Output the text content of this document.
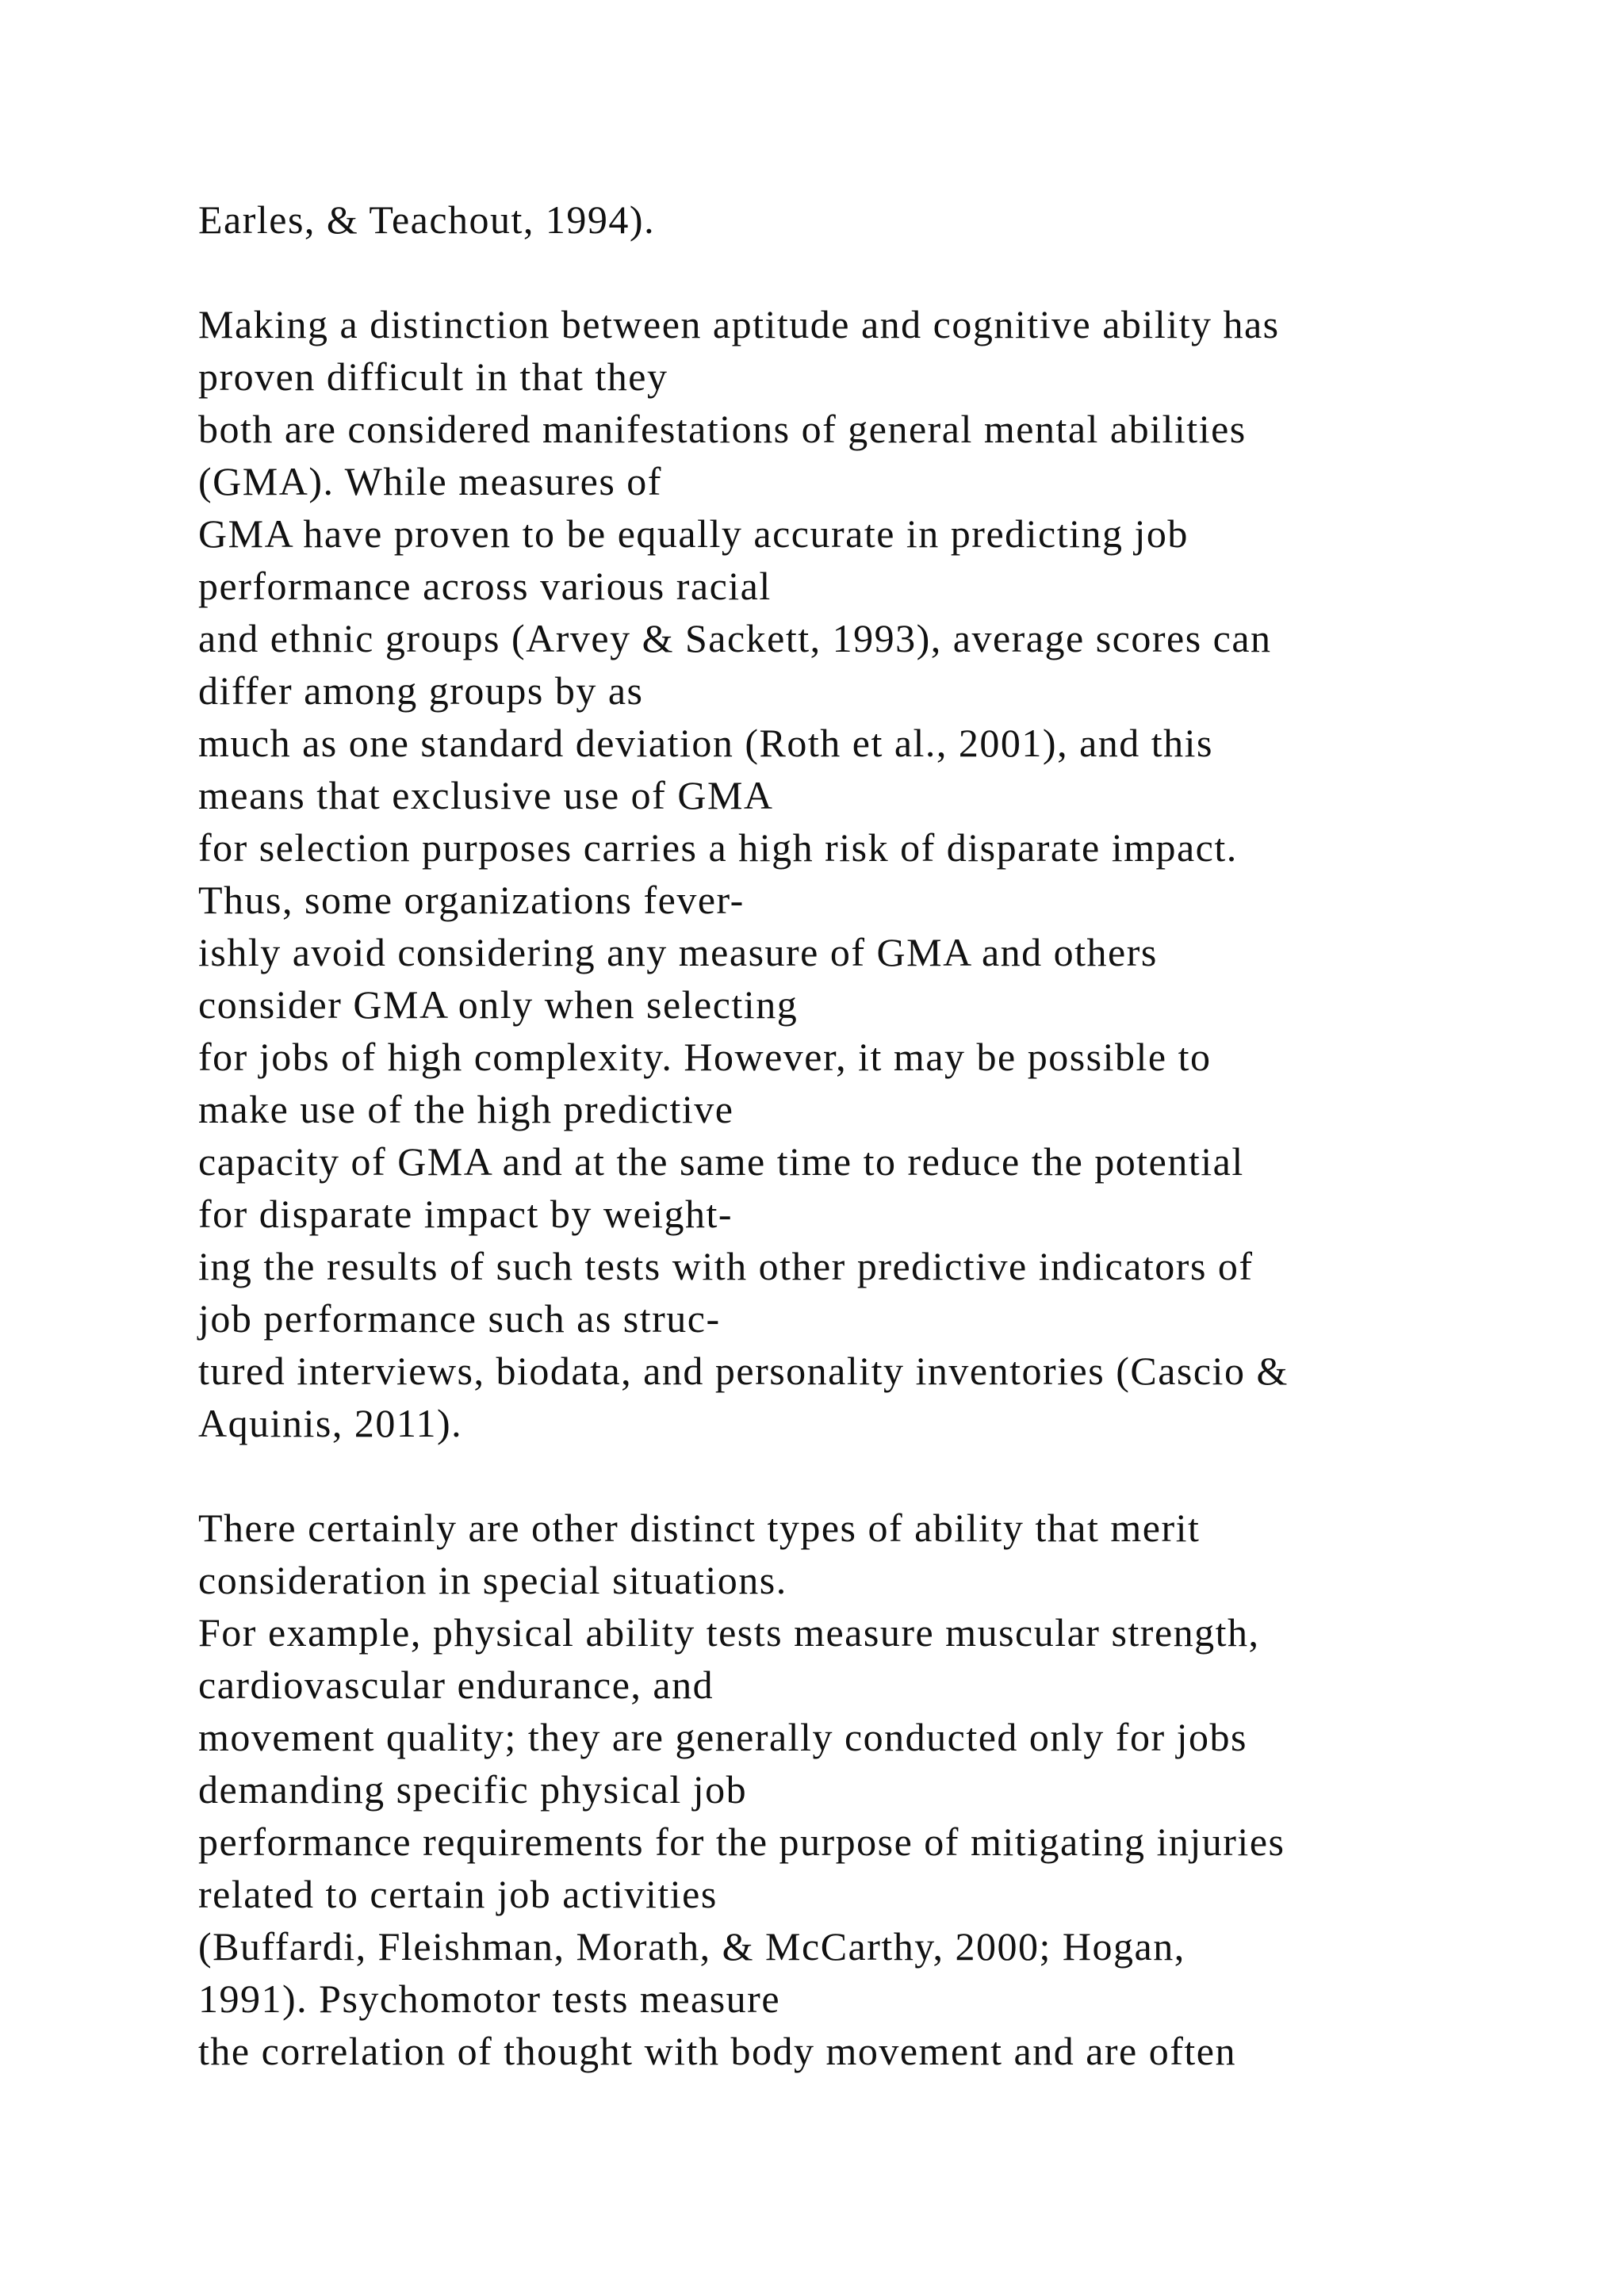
Earles, & Teachout, 1994).
Making a distinction between aptitude and cognitive ability has
proven difficult in that they
both are considered manifestations of general mental abilities
(GMA). While measures of
GMA have proven to be equally accurate in predicting job
performance across various racial
and ethnic groups (Arvey & Sackett, 1993), average scores can
differ among groups by as
much as one standard deviation (Roth et al., 2001), and this
means that exclusive use of GMA
for selection purposes carries a high risk of disparate impact.
Thus, some organizations fever-
ishly avoid considering any measure of GMA and others
consider GMA only when selecting
for jobs of high complexity. However, it may be possible to
make use of the high predictive
capacity of GMA and at the same time to reduce the potential
for disparate impact by weight-
ing the results of such tests with other predictive indicators of
job performance such as struc-
tured interviews, biodata, and personality inventories (Cascio &
Aquinis, 2011).
There certainly are other distinct types of ability that merit
consideration in special situations.
For example, physical ability tests measure muscular strength,
cardiovascular endurance, and
movement quality; they are generally conducted only for jobs
demanding specific physical job
performance requirements for the purpose of mitigating injuries
related to certain job activities
(Buffardi, Fleishman, Morath, & McCarthy, 2000; Hogan,
1991). Psychomotor tests measure
the correlation of thought with body movement and are often
